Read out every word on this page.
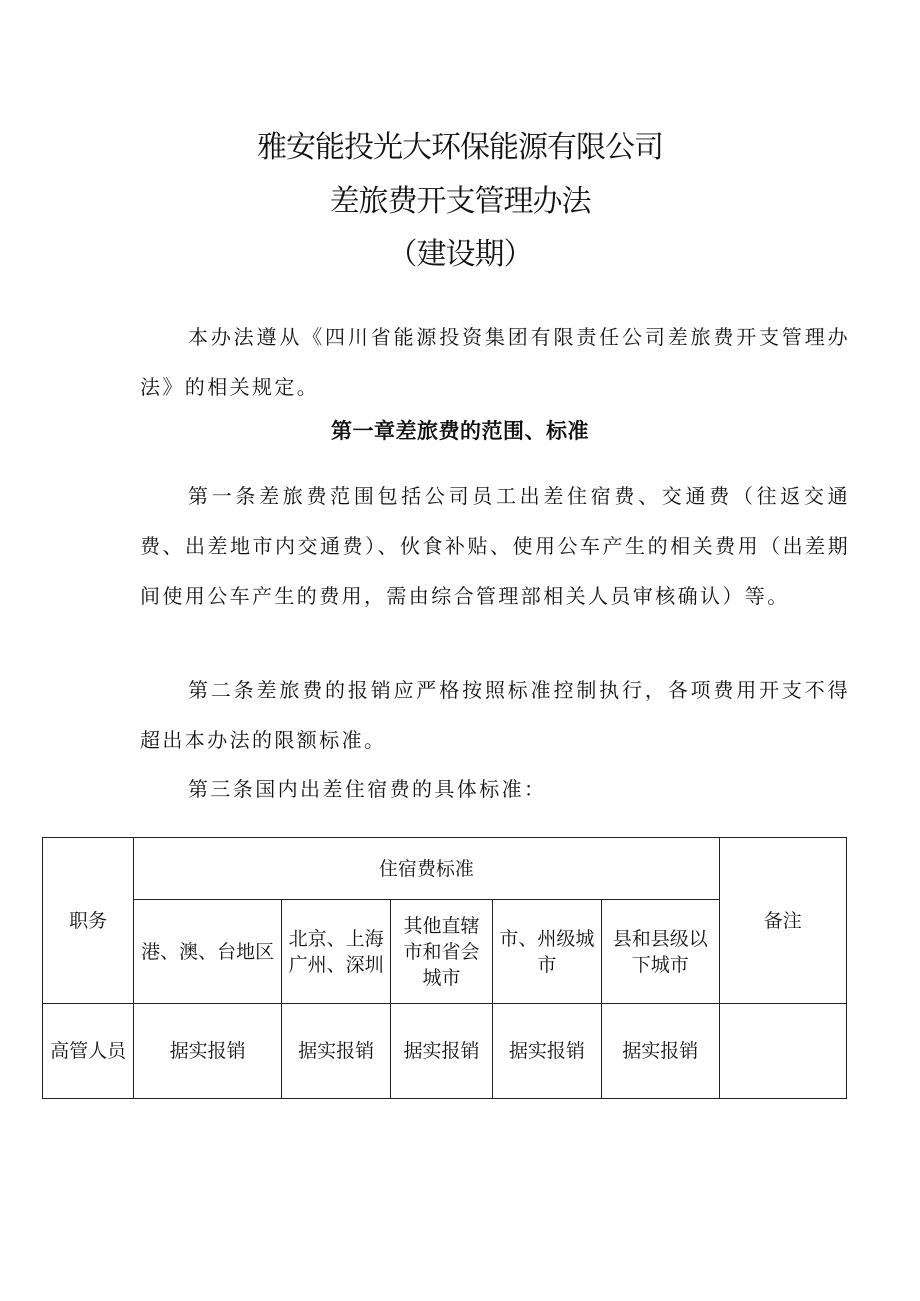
雅安能投光大环保能源有限公司
差旅费开支管理办法
（建设期）

本办法遵从《四川省能源投资集团有限责任公司差旅费开支管理办法》的相关规定。

第一章差旅费的范围、标准

第一条差旅费范围包括公司员工出差住宿费、交通费（往返交通费、出差地市内交通费）、伙食补贴、使用公车产生的相关费用（出差期间使用公车产生的费用，需由综合管理部相关人员审核确认）等。

第二条差旅费的报销应严格按照标准控制执行，各项费用开支不得超出本办法的限额标准。

第三条国内出差住宿费的具体标准：

职务	住宿费标准					备注
	港、澳、台地区	北京、上海广州、深圳	其他直辖市和省会城市	市、州级城市	县和县级以下城市	
高管人员	据实报销	据实报销	据实报销	据实报销	据实报销	
